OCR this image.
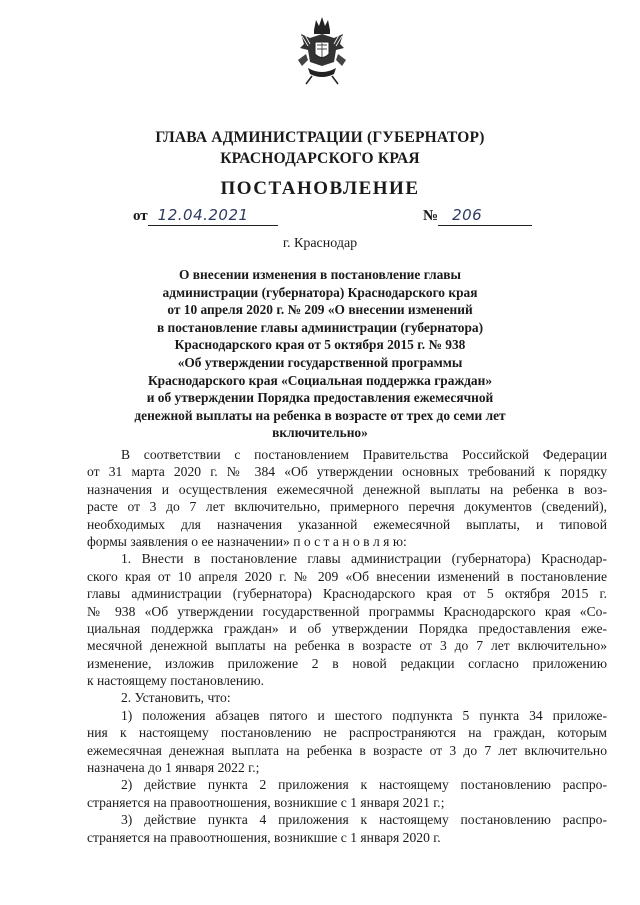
ГЛАВА АДМИНИСТРАЦИИ (ГУБЕРНАТОР)
КРАСНОДАРСКОГО КРАЯ
ПОСТАНОВЛЕНИЕ
от 12.04.2021	№ 206
г. Краснодар
О внесении изменения в постановление главы
администрации (губернатора) Краснодарского края
от 10 апреля 2020 г. № 209 «О внесении изменений
в постановление главы администрации (губернатора)
Краснодарского края от 5 октября 2015 г. № 938
«Об утверждении государственной программы
Краснодарского края «Социальная поддержка граждан»
и об утверждении Порядка предоставления ежемесячной
денежной выплаты на ребенка в возрасте от трех до семи лет
включительно»
В соответствии с постановлением Правительства Российской Федерации
от 31 марта 2020 г. № 384 «Об утверждении основных требований к порядку
назначения и осуществления ежемесячной денежной выплаты на ребенка в воз-
расте от 3 до 7 лет включительно, примерного перечня документов (сведений),
необходимых для назначения указанной ежемесячной выплаты, и типовой
формы заявления о ее назначении» п о с т а н о в л я ю:
1. Внести в постановление главы администрации (губернатора) Краснодар-
ского края от 10 апреля 2020 г. № 209 «Об внесении изменений в постановление
главы администрации (губернатора) Краснодарского края от 5 октября 2015 г.
№ 938 «Об утверждении государственной программы Краснодарского края «Со-
циальная поддержка граждан» и об утверждении Порядка предоставления еже-
месячной денежной выплаты на ребенка в возрасте от 3 до 7 лет включительно»
изменение, изложив приложение 2 в новой редакции согласно приложению
к настоящему постановлению.
2. Установить, что:
1) положения абзацев пятого и шестого подпункта 5 пункта 34 приложе-
ния к настоящему постановлению не распространяются на граждан, которым
ежемесячная денежная выплата на ребенка в возрасте от 3 до 7 лет включительно
назначена до 1 января 2022 г.;
2) действие пункта 2 приложения к настоящему постановлению распро-
страняется на правоотношения, возникшие с 1 января 2021 г.;
3) действие пункта 4 приложения к настоящему постановлению распро-
страняется на правоотношения, возникшие с 1 января 2020 г.
